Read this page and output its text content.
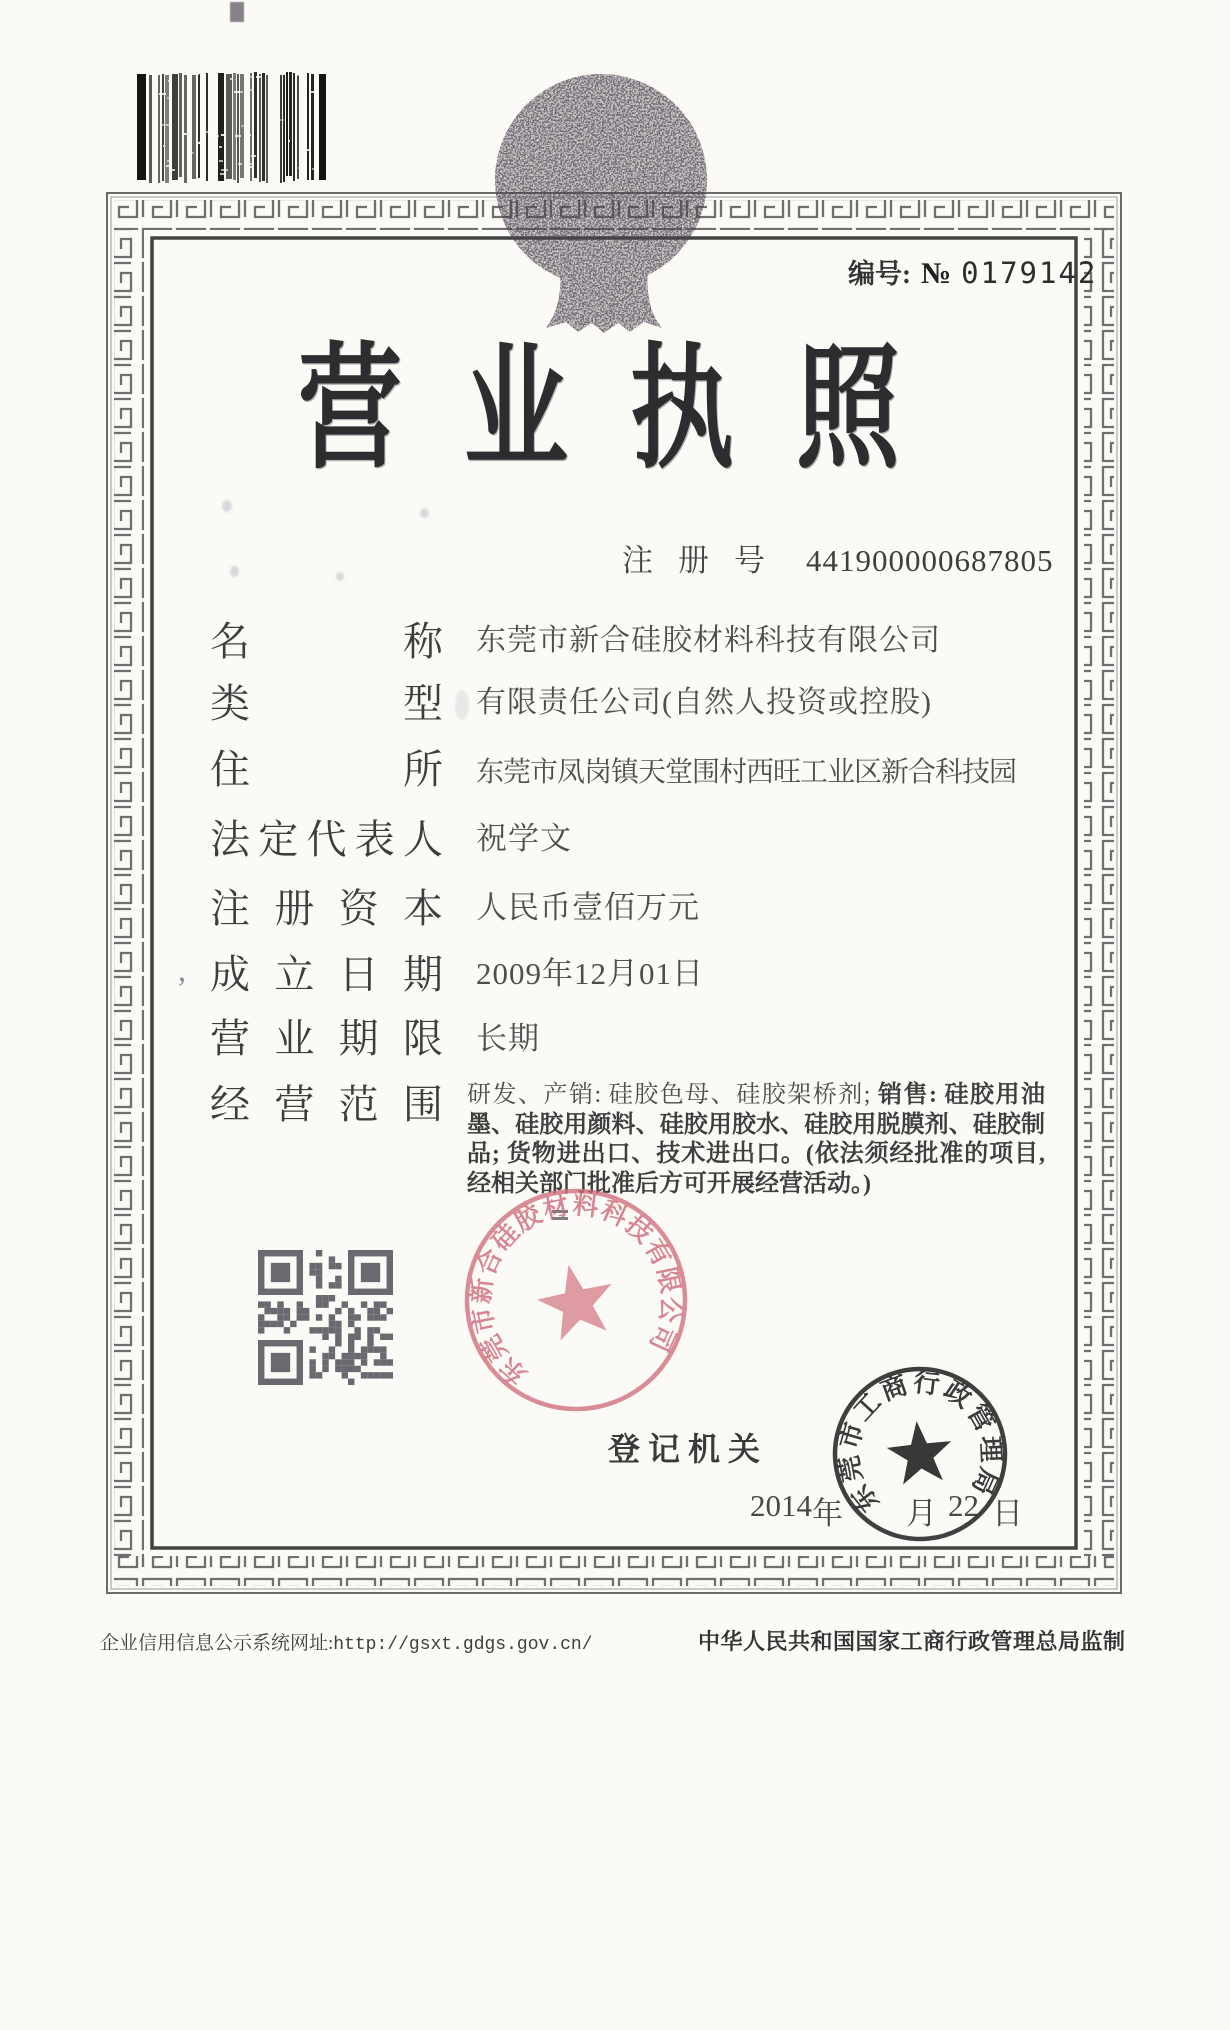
编号: № 0179142
营业执照
注册号 441900000687805
名	称 东莞市新合硅胶材料科技有限公司
类	型 有限责任公司(自然人投资或控股)
住	所 东莞市凤岗镇天堂围村西旺工业区新合科技园
法 定 代 表 人 祝学文
注 册 资 本 人民币壹佰万元
, 成 立 日 期 2009年12月01日
营 业 期 限 长期
经 营 范 围 研发、产销: 硅胶色母、硅胶架桥剂; 销售: 硅胶用油墨、硅胶用颜料、硅胶用胶水、硅胶用脱膜剂、硅胶制品; 货物进出口、技术进出口。(依法须经批准的项目, 经相关部门批准后方可开展经营活动。)
东莞市新合硅胶材料科技有限公司
登记机关
2014 年 月 22 日
东莞市工商行政管理局
企业信用信息公示系统网址: http://gsxt.gdgs.gov.cn/	中华人民共和国国家工商行政管理总局监制
